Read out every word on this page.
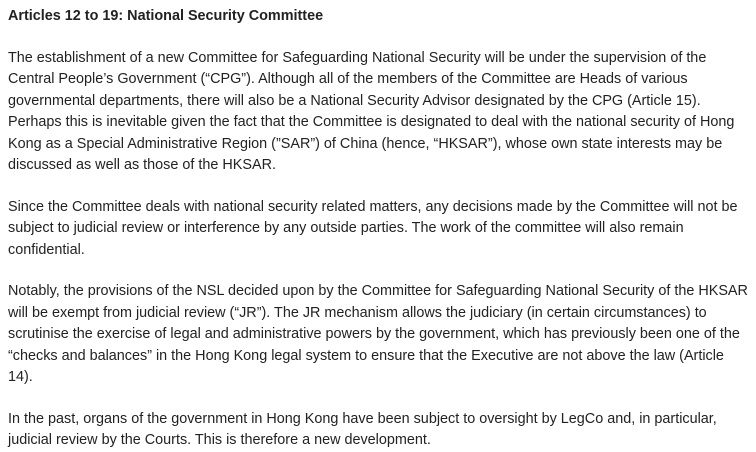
Articles 12 to 19: National Security Committee

The establishment of a new Committee for Safeguarding National Security will be under the supervision of the Central People’s Government (“CPG”). Although all of the members of the Committee are Heads of various governmental departments, there will also be a National Security Advisor designated by the CPG (Article 15). Perhaps this is inevitable given the fact that the Committee is designated to deal with the national security of Hong Kong as a Special Administrative Region (”SAR”) of China (hence, “HKSAR”), whose own state interests may be discussed as well as those of the HKSAR.

Since the Committee deals with national security related matters, any decisions made by the Committee will not be subject to judicial review or interference by any outside parties. The work of the committee will also remain confidential.

Notably, the provisions of the NSL decided upon by the Committee for Safeguarding National Security of the HKSAR will be exempt from judicial review (“JR”). The JR mechanism allows the judiciary (in certain circumstances) to scrutinise the exercise of legal and administrative powers by the government, which has previously been one of the “checks and balances” in the Hong Kong legal system to ensure that the Executive are not above the law (Article 14).

In the past, organs of the government in Hong Kong have been subject to oversight by LegCo and, in particular, judicial review by the Courts. This is therefore a new development.
